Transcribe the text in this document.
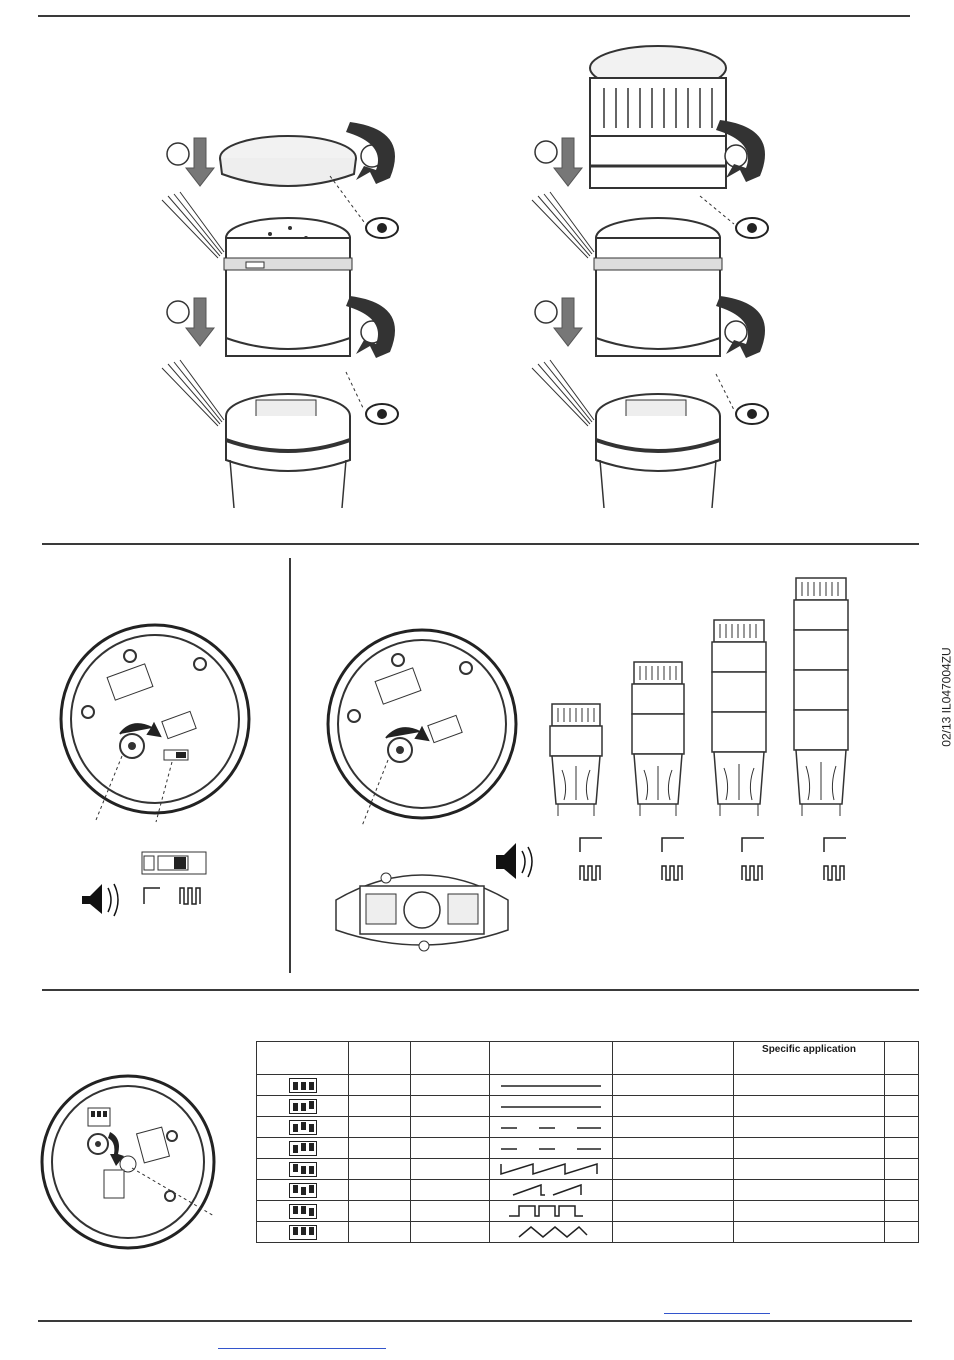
02/13 IL047004ZU
					Specific application	
